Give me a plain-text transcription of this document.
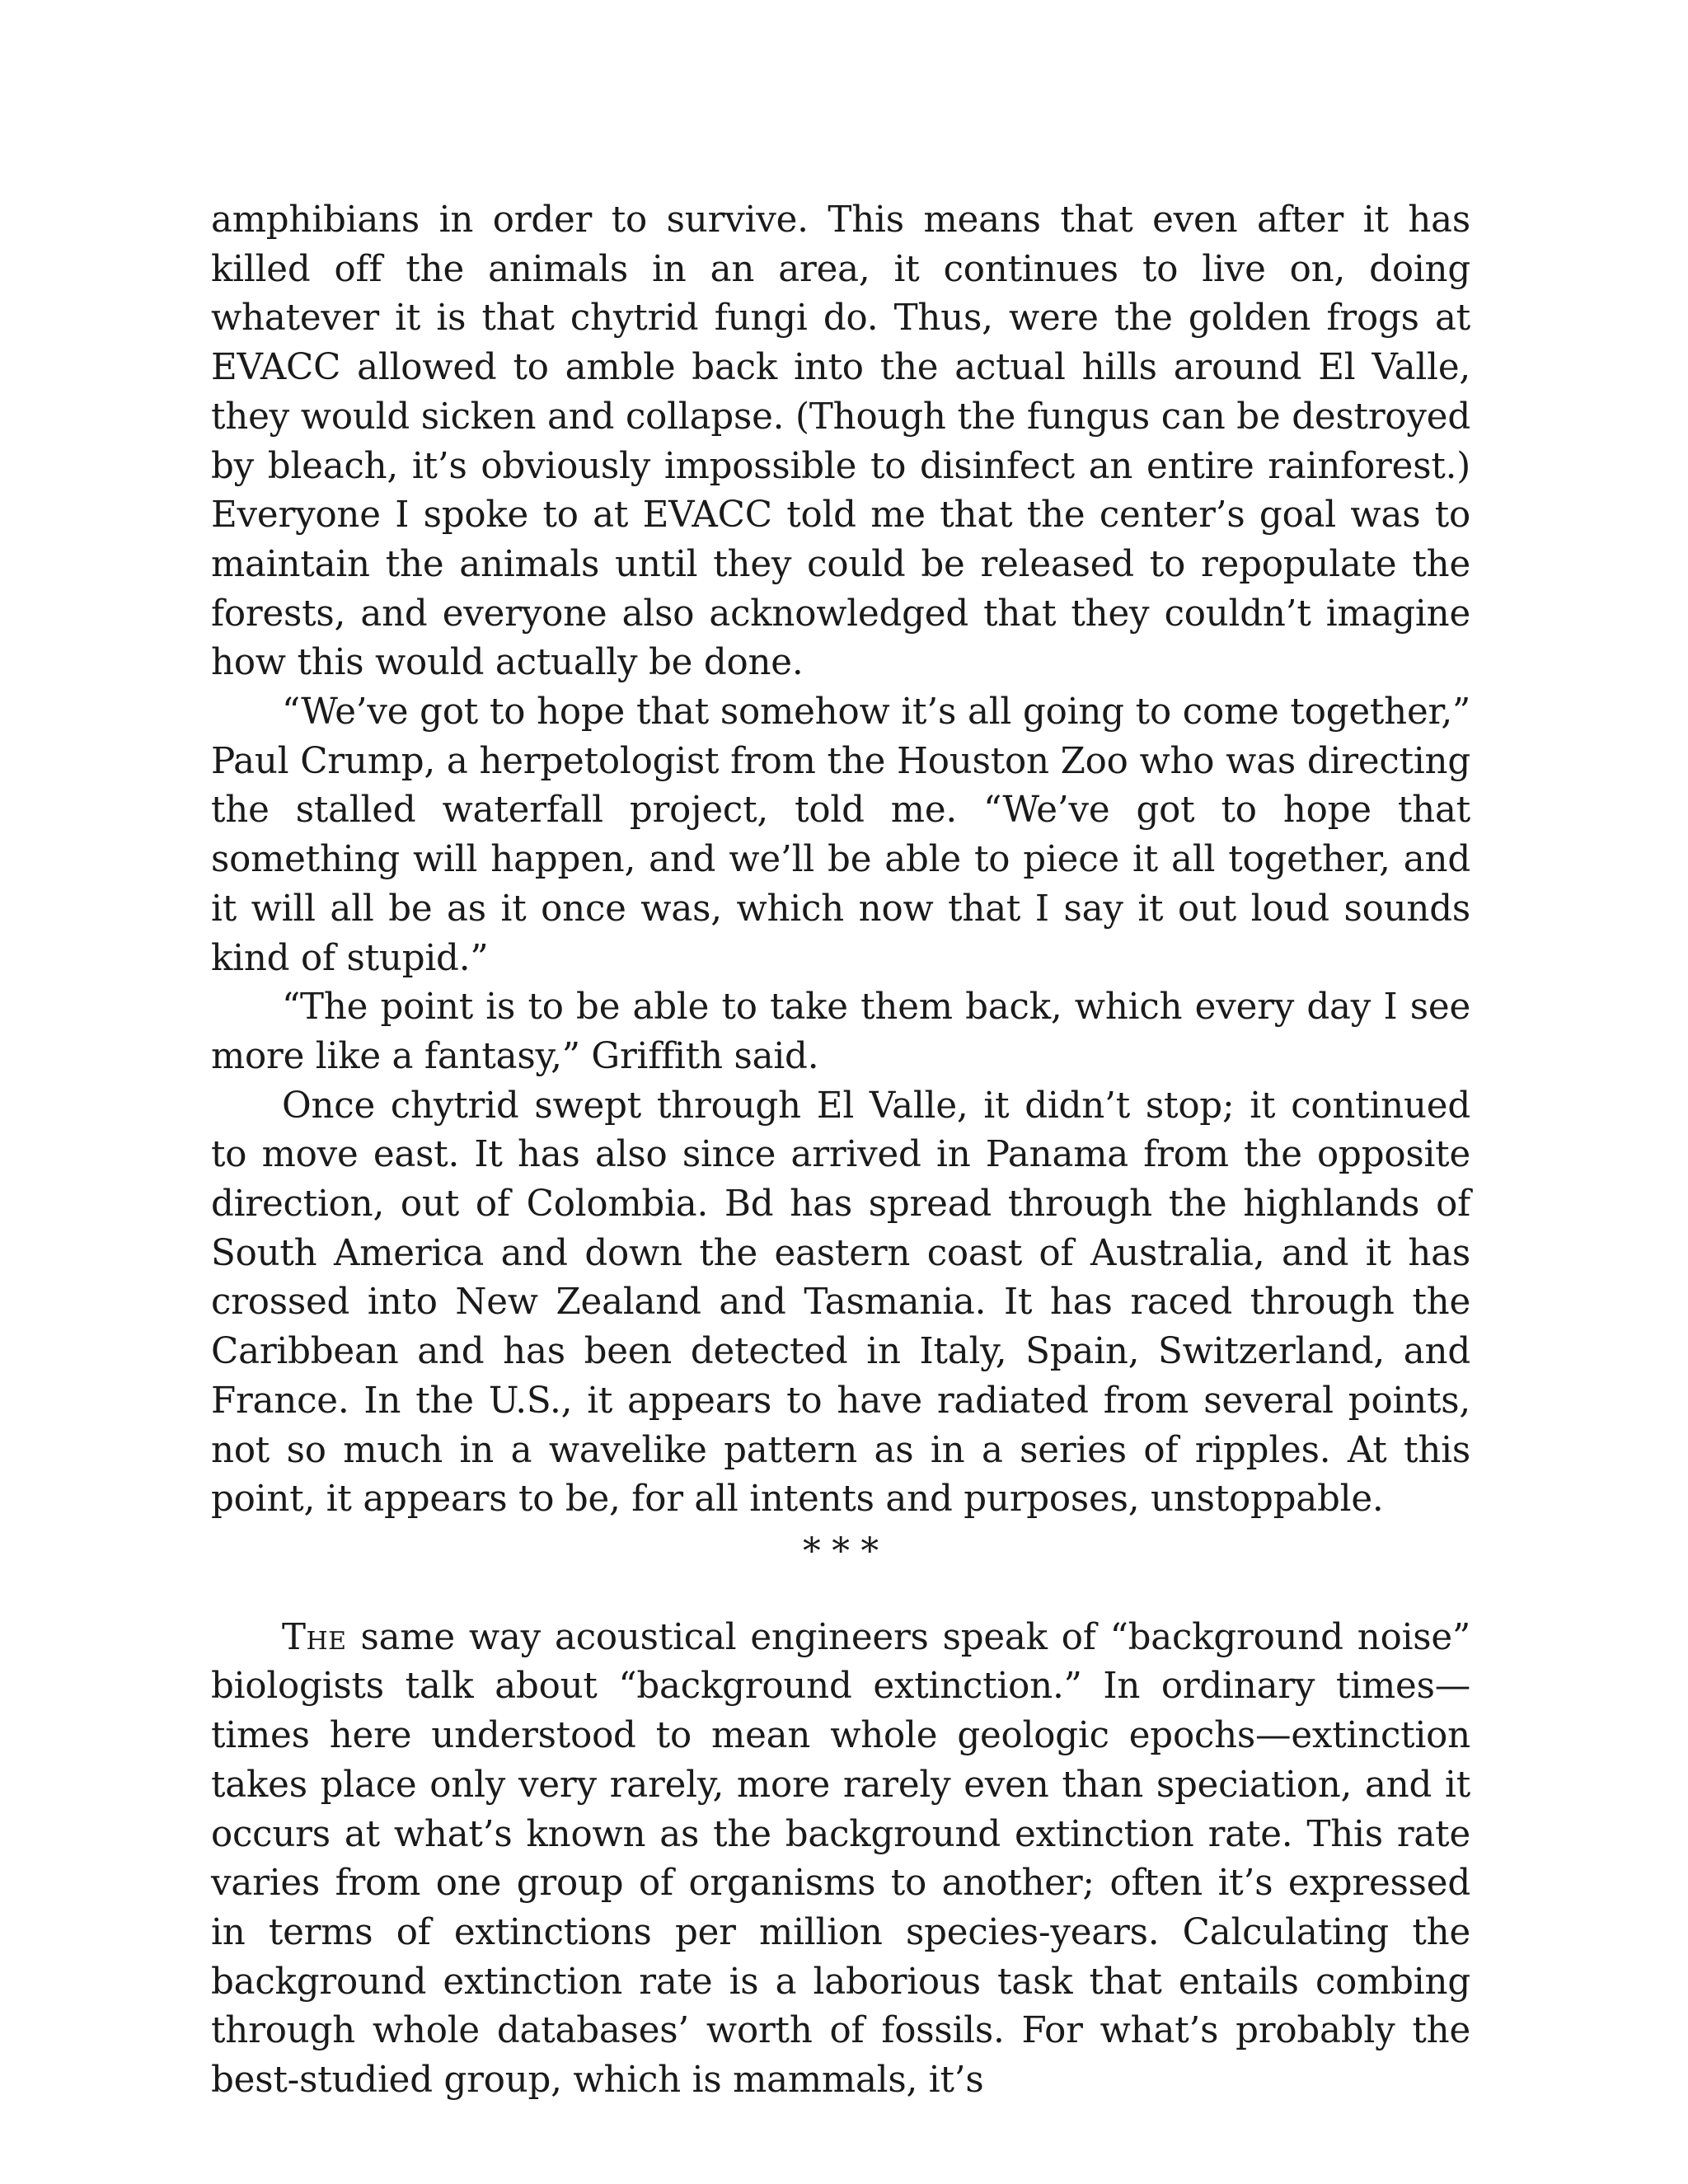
amphibians in order to survive. This means that even after it has killed off the animals in an area, it continues to live on, doing whatever it is that chytrid fungi do. Thus, were the golden frogs at EVACC allowed to amble back into the actual hills around El Valle, they would sicken and collapse. (Though the fungus can be destroyed by bleach, it’s obviously impossible to disinfect an entire rainforest.) Everyone I spoke to at EVACC told me that the center’s goal was to maintain the animals until they could be released to repopulate the forests, and everyone also acknowledged that they couldn’t imagine how this would actually be done.

“We’ve got to hope that somehow it’s all going to come together,” Paul Crump, a herpetologist from the Houston Zoo who was directing the stalled waterfall project, told me. “We’ve got to hope that something will happen, and we’ll be able to piece it all together, and it will all be as it once was, which now that I say it out loud sounds kind of stupid.”

“The point is to be able to take them back, which every day I see more like a fantasy,” Griffith said.

Once chytrid swept through El Valle, it didn’t stop; it continued to move east. It has also since arrived in Panama from the opposite direction, out of Colombia. Bd has spread through the highlands of South America and down the eastern coast of Australia, and it has crossed into New Zealand and Tasmania. It has raced through the Caribbean and has been detected in Italy, Spain, Switzerland, and France. In the U.S., it appears to have radiated from several points, not so much in a wavelike pattern as in a series of ripples. At this point, it appears to be, for all intents and purposes, unstoppable.

* * *

The same way acoustical engineers speak of “background noise” biologists talk about “background extinction.” In ordinary times—times here understood to mean whole geologic epochs—extinction takes place only very rarely, more rarely even than speciation, and it occurs at what’s known as the background extinction rate. This rate varies from one group of organisms to another; often it’s expressed in terms of extinctions per million species-years. Calculating the background extinction rate is a laborious task that entails combing through whole databases’ worth of fossils. For what’s probably the best-studied group, which is mammals, it’s
